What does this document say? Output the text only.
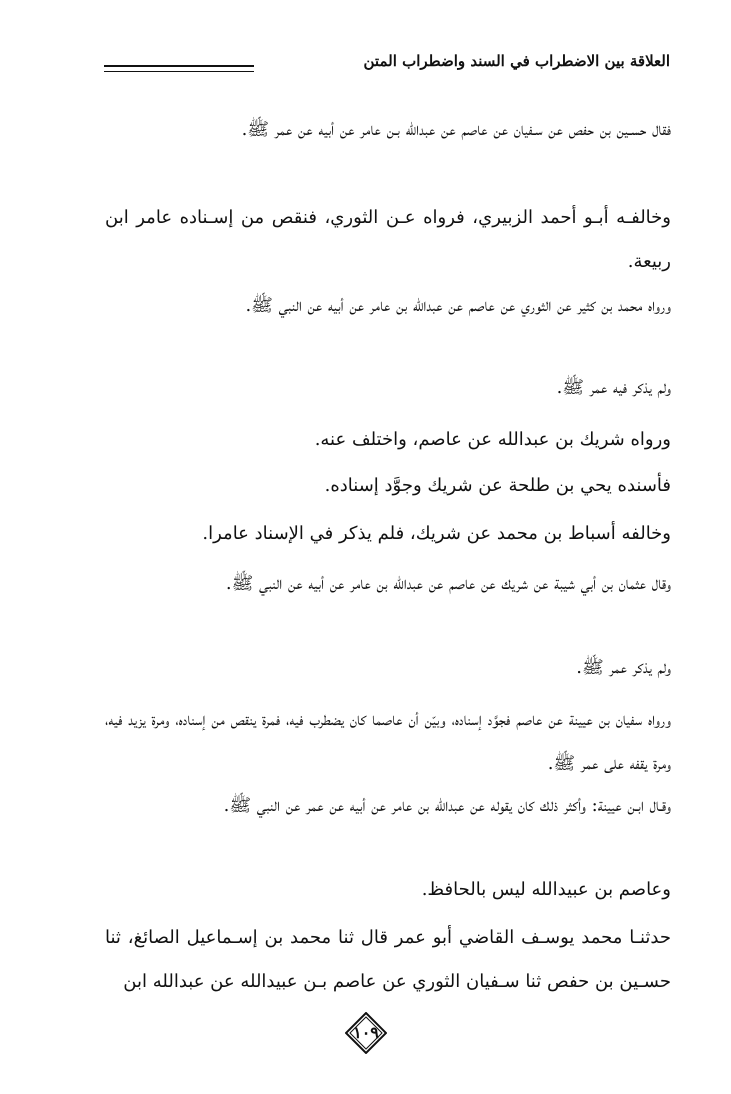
العلاقة بين الاضطراب في السند واضطراب المتن

فقال حسـين بن حفص عن سـفيان عن عاصم عن عبدالله بـن عامر عن أبيه عن عمر ﷺ.

وخالفـه أبـو أحمد الزبيري، فرواه عـن الثوري، فنقص من إسـناده عامر ابن ربيعة.

ورواه محمد بن كثير عن الثوري عن عاصم عن عبدالله بن عامر عن أبيه عن النبي ﷺ.

ولم يذكر فيه عمر ﷺ.

ورواه شريك بن عبدالله عن عاصم، واختلف عنه.

فأسنده يحي بن طلحة عن شريك وجوَّد إسناده.

وخالفه أسباط بن محمد عن شريك، فلم يذكر في الإسناد عامرا.

وقال عثمان بن أبي شيبة عن شريك عن عاصم عن عبدالله بن عامر عن أبيه عن النبي ﷺ.

ولم يذكر عمر ﷺ.

ورواه سفيان بن عيينة عن عاصم فجوَّد إسناده، وبيّن أن عاصما كان يضطرب فيه، فمرة ينقص من إسناده، ومرة يزيد فيه، ومرة يقفه على عمر ﷺ.

وقـال ابـن عيينة: وأكثر ذلك كان يقوله عن عبدالله بن عامر عن أبيه عن عمر عن النبي ﷺ.

وعاصم بن عبيدالله ليس بالحافظ.

حدثنـا محمد يوسـف القاضي أبو عمر قال ثنا محمد بن إسـماعيل الصائغ، ثنا حسـين بن حفص ثنا سـفيان الثوري عن عاصم بـن عبيدالله عن عبدالله ابن

١٠٩
